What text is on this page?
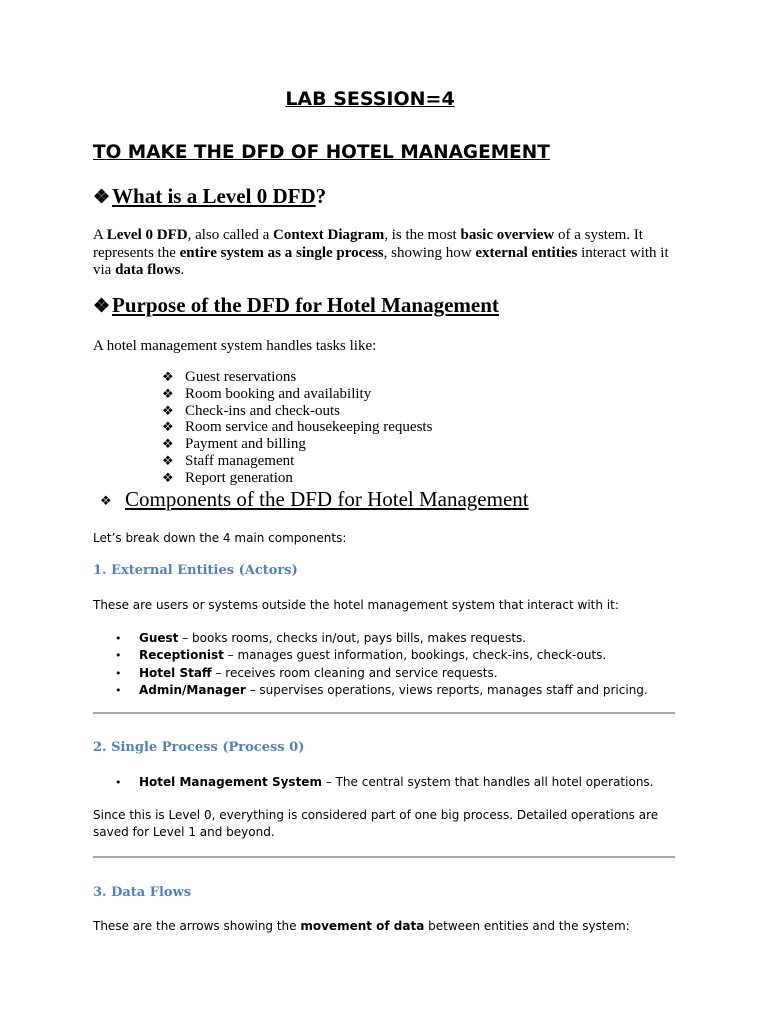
LAB SESSION=4
TO MAKE THE DFD OF HOTEL MANAGEMENT
❖What is a Level 0 DFD?
A Level 0 DFD, also called a Context Diagram, is the most basic overview of a system. It represents the entire system as a single process, showing how external entities interact with it via data flows.
❖Purpose of the DFD for Hotel Management
A hotel management system handles tasks like:
❖ Guest reservations
❖ Room booking and availability
❖ Check-ins and check-outs
❖ Room service and housekeeping requests
❖ Payment and billing
❖ Staff management
❖ Report generation
❖ Components of the DFD for Hotel Management
Let’s break down the 4 main components:
1. External Entities (Actors)
These are users or systems outside the hotel management system that interact with it:
• Guest – books rooms, checks in/out, pays bills, makes requests.
• Receptionist – manages guest information, bookings, check-ins, check-outs.
• Hotel Staff – receives room cleaning and service requests.
• Admin/Manager – supervises operations, views reports, manages staff and pricing.
2. Single Process (Process 0)
• Hotel Management System – The central system that handles all hotel operations.
Since this is Level 0, everything is considered part of one big process. Detailed operations are saved for Level 1 and beyond.
3. Data Flows
These are the arrows showing the movement of data between entities and the system:
